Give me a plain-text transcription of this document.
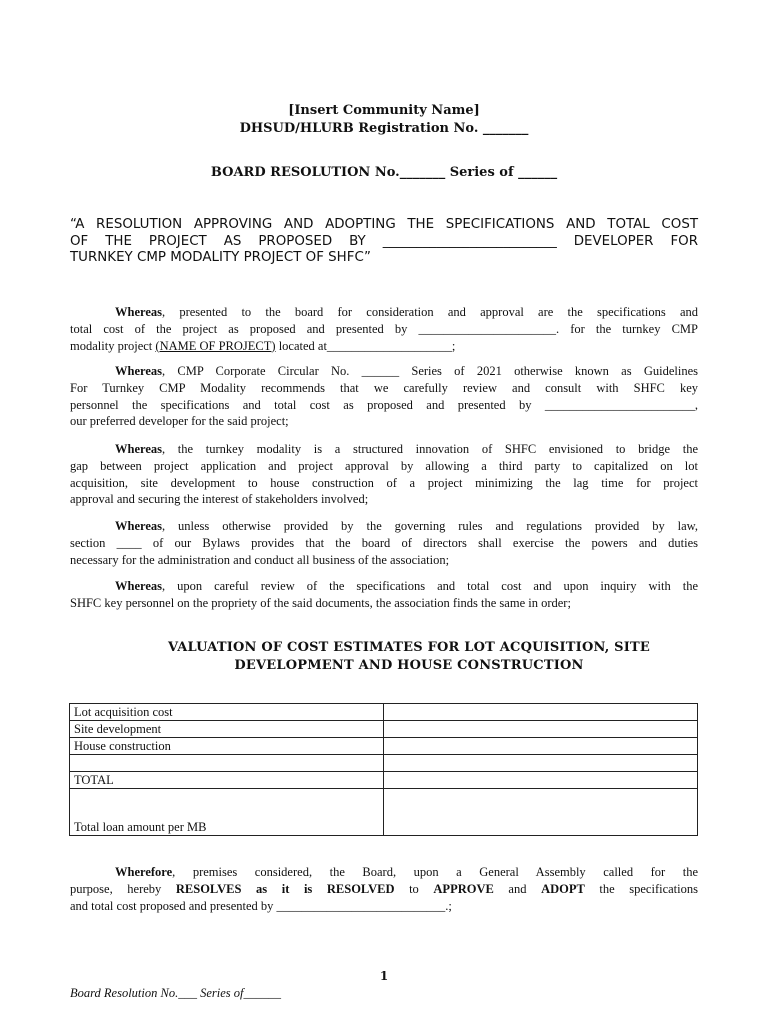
[Insert Community Name]
DHSUD/HLURB Registration No. _______
BOARD RESOLUTION No._______ Series of ______
“A RESOLUTION APPROVING AND ADOPTING THE SPECIFICATIONS AND TOTAL COST
OF THE PROJECT AS PROPOSED BY __________________________ DEVELOPER FOR
TURNKEY CMP MODALITY PROJECT OF SHFC”
Whereas, presented to the board for consideration and approval are the specifications and
total cost of the project as proposed and presented by ______________________. for the turnkey CMP
modality project (NAME OF PROJECT) located at____________________;
Whereas, CMP Corporate Circular No. ______ Series of 2021 otherwise known as Guidelines
For Turnkey CMP Modality recommends that we carefully review and consult with SHFC key
personnel the specifications and total cost as proposed and presented by ________________________,
our preferred developer for the said project;
Whereas, the turnkey modality is a structured innovation of SHFC envisioned to bridge the
gap between project application and project approval by allowing a third party to capitalized on lot
acquisition, site development to house construction of a project minimizing the lag time for project
approval and securing the interest of stakeholders involved;
Whereas, unless otherwise provided by the governing rules and regulations provided by law,
section ____ of our Bylaws provides that the board of directors shall exercise the powers and duties
necessary for the administration and conduct all business of the association;
Whereas, upon careful review of the specifications and total cost and upon inquiry with the
SHFC key personnel on the propriety of the said documents, the association finds the same in order;
VALUATION OF COST ESTIMATES FOR LOT ACQUISITION, SITE
DEVELOPMENT AND HOUSE CONSTRUCTION
Lot acquisition cost	
Site development	
House construction	

TOTAL	
Total loan amount per MB	
Wherefore, premises considered, the Board, upon a General Assembly called for the
purpose, hereby RESOLVES as it is RESOLVED to APPROVE and ADOPT the specifications
and total cost proposed and presented by ___________________________.;
1
Board Resolution No.___ Series of______
